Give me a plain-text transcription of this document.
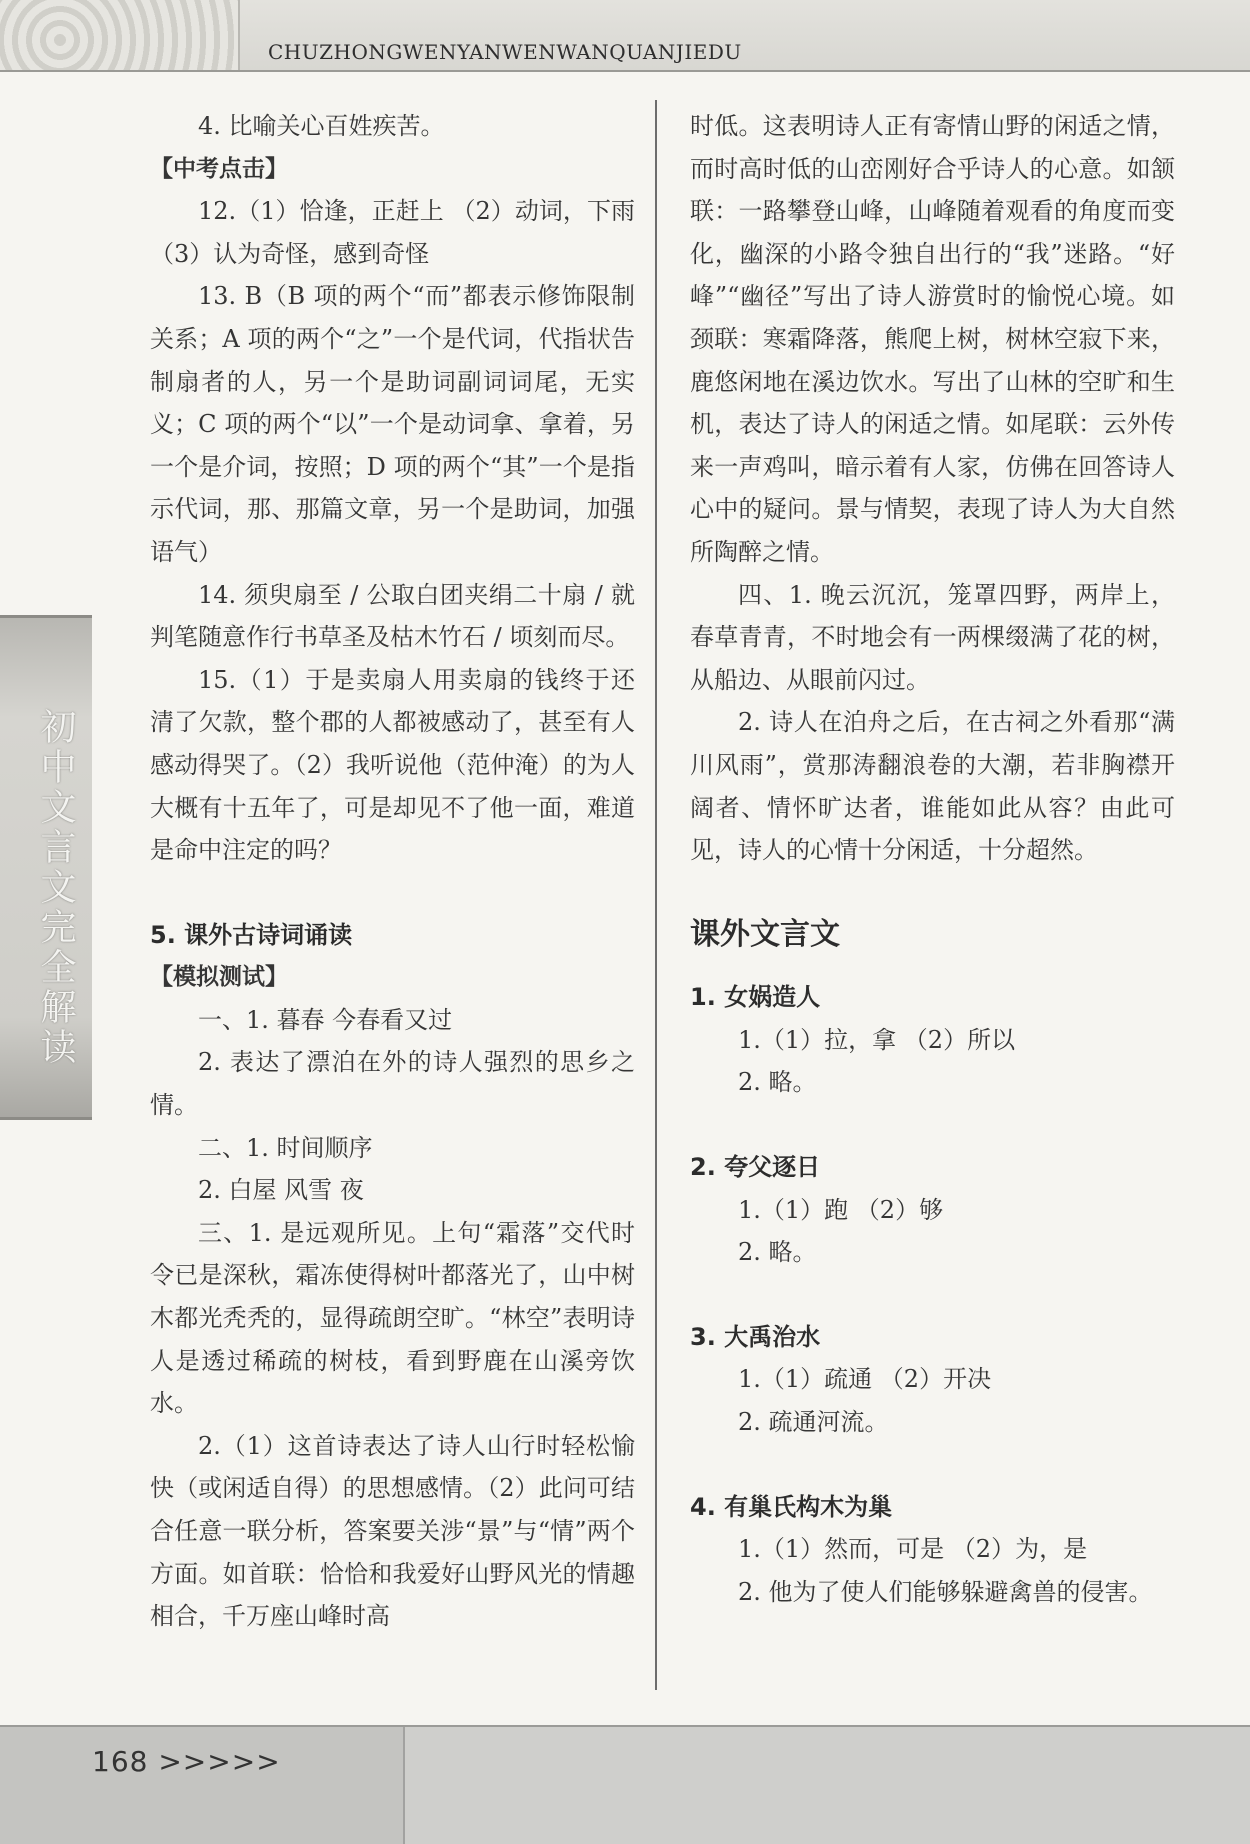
CHUZHONGWENYANWENWANQUANJIEDU
初中文言文完全解读

4. 比喻关心百姓疾苦。

【中考点击】

12.（1）恰逢，正赶上 （2）动词，下雨 （3）认为奇怪，感到奇怪

13. B（B 项的两个“而”都表示修饰限制关系；A 项的两个“之”一个是代词，代指状告制扇者的人，另一个是助词副词词尾，无实义；C 项的两个“以”一个是动词拿、拿着，另一个是介词，按照；D 项的两个“其”一个是指示代词，那、那篇文章，另一个是助词，加强语气）

14. 须臾扇至 / 公取白团夹绢二十扇 / 就判笔随意作行书草圣及枯木竹石 / 顷刻而尽。

15.（1）于是卖扇人用卖扇的钱终于还清了欠款，整个郡的人都被感动了，甚至有人感动得哭了。（2）我听说他（范仲淹）的为人大概有十五年了，可是却见不了他一面，难道是命中注定的吗？

5. 课外古诗词诵读

【模拟测试】

一、1. 暮春 今春看又过

2. 表达了漂泊在外的诗人强烈的思乡之情。

二、1. 时间顺序

2. 白屋 风雪 夜

三、1. 是远观所见。上句“霜落”交代时令已是深秋，霜冻使得树叶都落光了，山中树木都光秃秃的，显得疏朗空旷。“林空”表明诗人是透过稀疏的树枝，看到野鹿在山溪旁饮水。

2.（1）这首诗表达了诗人山行时轻松愉快（或闲适自得）的思想感情。（2）此问可结合任意一联分析，答案要关涉“景”与“情”两个方面。如首联：恰恰和我爱好山野风光的情趣相合，千万座山峰时高

时低。这表明诗人正有寄情山野的闲适之情，而时高时低的山峦刚好合乎诗人的心意。如颔联：一路攀登山峰，山峰随着观看的角度而变化，幽深的小路令独自出行的“我”迷路。“好峰”“幽径”写出了诗人游赏时的愉悦心境。如颈联：寒霜降落，熊爬上树，树林空寂下来，鹿悠闲地在溪边饮水。写出了山林的空旷和生机，表达了诗人的闲适之情。如尾联：云外传来一声鸡叫，暗示着有人家，仿佛在回答诗人心中的疑问。景与情契，表现了诗人为大自然所陶醉之情。

四、1. 晚云沉沉，笼罩四野，两岸上，春草青青，不时地会有一两棵缀满了花的树，从船边、从眼前闪过。

2. 诗人在泊舟之后，在古祠之外看那“满川风雨”，赏那涛翻浪卷的大潮，若非胸襟开阔者、情怀旷达者，谁能如此从容？由此可见，诗人的心情十分闲适，十分超然。

课外文言文

1. 女娲造人

1.（1）拉，拿 （2）所以

2. 略。

2. 夸父逐日

1.（1）跑 （2）够

2. 略。

3. 大禹治水

1.（1）疏通 （2）开决

2. 疏通河流。

4. 有巢氏构木为巢

1.（1）然而，可是 （2）为，是

2. 他为了使人们能够躲避禽兽的侵害。

168 >>>>>
